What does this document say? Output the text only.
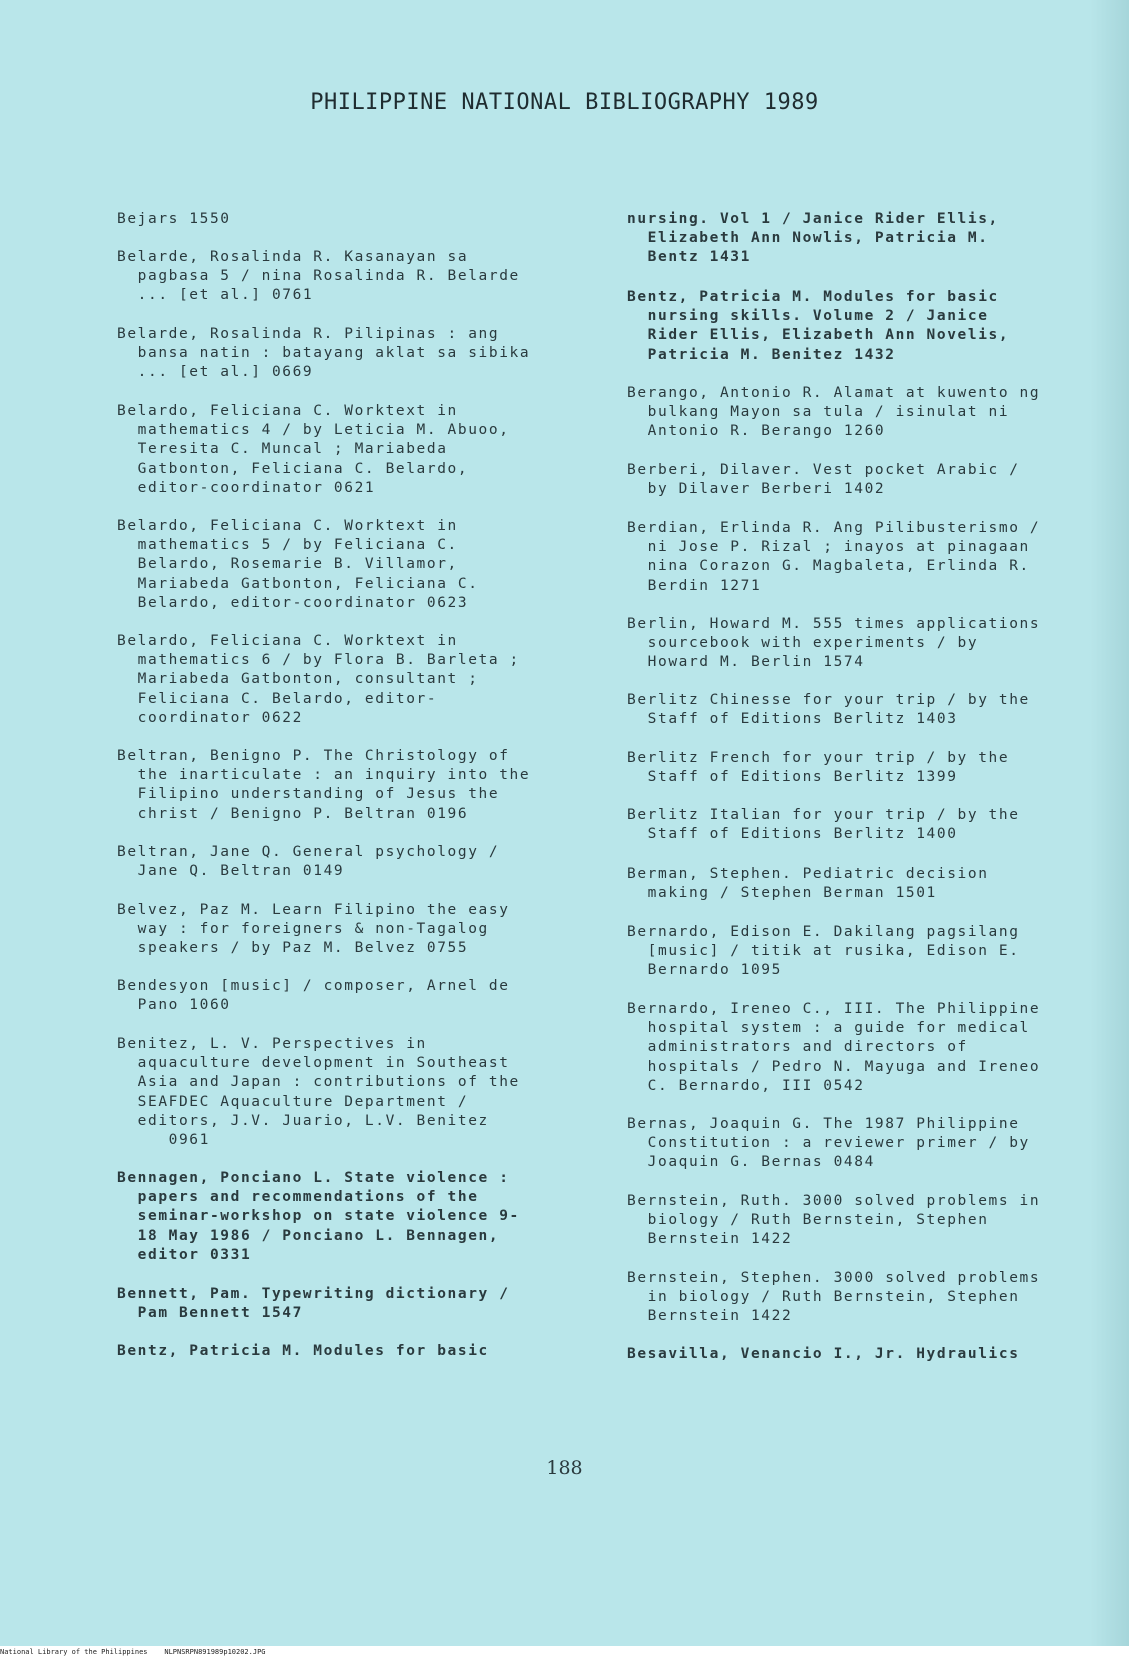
PHILIPPINE NATIONAL BIBLIOGRAPHY 1989

Bejars 1550

Belarde, Rosalinda R. Kasanayan sa
pagbasa 5 / nina Rosalinda R. Belarde
... [et al.] 0761

Belarde, Rosalinda R. Pilipinas : ang
bansa natin : batayang aklat sa sibika
... [et al.] 0669

Belardo, Feliciana C. Worktext in
mathematics 4 / by Leticia M. Abuoo,
Teresita C. Muncal ; Mariabeda
Gatbonton, Feliciana C. Belardo,
editor-coordinator 0621

Belardo, Feliciana C. Worktext in
mathematics 5 / by Feliciana C.
Belardo, Rosemarie B. Villamor,
Mariabeda Gatbonton, Feliciana C.
Belardo, editor-coordinator 0623

Belardo, Feliciana C. Worktext in
mathematics 6 / by Flora B. Barleta ;
Mariabeda Gatbonton, consultant ;
Feliciana C. Belardo, editor-
coordinator 0622

Beltran, Benigno P. The Christology of
the inarticulate : an inquiry into the
Filipino understanding of Jesus the
christ / Benigno P. Beltran 0196

Beltran, Jane Q. General psychology /
Jane Q. Beltran 0149

Belvez, Paz M. Learn Filipino the easy
way : for foreigners & non-Tagalog
speakers / by Paz M. Belvez 0755

Bendesyon [music] / composer, Arnel de
Pano 1060

Benitez, L. V. Perspectives in
aquaculture development in Southeast
Asia and Japan : contributions of the
SEAFDEC Aquaculture Department /
editors, J.V. Juario, L.V. Benitez
0961

Bennagen, Ponciano L. State violence :
papers and recommendations of the
seminar-workshop on state violence 9-
18 May 1986 / Ponciano L. Bennagen,
editor 0331

Bennett, Pam. Typewriting dictionary /
Pam Bennett 1547

Bentz, Patricia M. Modules for basic

nursing. Vol 1 / Janice Rider Ellis,
Elizabeth Ann Nowlis, Patricia M.
Bentz 1431

Bentz, Patricia M. Modules for basic
nursing skills. Volume 2 / Janice
Rider Ellis, Elizabeth Ann Novelis,
Patricia M. Benitez 1432

Berango, Antonio R. Alamat at kuwento ng
bulkang Mayon sa tula / isinulat ni
Antonio R. Berango 1260

Berberi, Dilaver. Vest pocket Arabic /
by Dilaver Berberi 1402

Berdian, Erlinda R. Ang Pilibusterismo /
ni Jose P. Rizal ; inayos at pinagaan
nina Corazon G. Magbaleta, Erlinda R.
Berdin 1271

Berlin, Howard M. 555 times applications
sourcebook with experiments / by
Howard M. Berlin 1574

Berlitz Chinesse for your trip / by the
Staff of Editions Berlitz 1403

Berlitz French for your trip / by the
Staff of Editions Berlitz 1399

Berlitz Italian for your trip / by the
Staff of Editions Berlitz 1400

Berman, Stephen. Pediatric decision
making / Stephen Berman 1501

Bernardo, Edison E. Dakilang pagsilang
[music] / titik at rusika, Edison E.
Bernardo 1095

Bernardo, Ireneo C., III. The Philippine
hospital system : a guide for medical
administrators and directors of
hospitals / Pedro N. Mayuga and Ireneo
C. Bernardo, III 0542

Bernas, Joaquin G. The 1987 Philippine
Constitution : a reviewer primer / by
Joaquin G. Bernas 0484

Bernstein, Ruth. 3000 solved problems in
biology / Ruth Bernstein, Stephen
Bernstein 1422

Bernstein, Stephen. 3000 solved problems
in biology / Ruth Bernstein, Stephen
Bernstein 1422

Besavilla, Venancio I., Jr. Hydraulics

188
National Library of the Philippines    NLPNSRPN891989p10202.JPG
